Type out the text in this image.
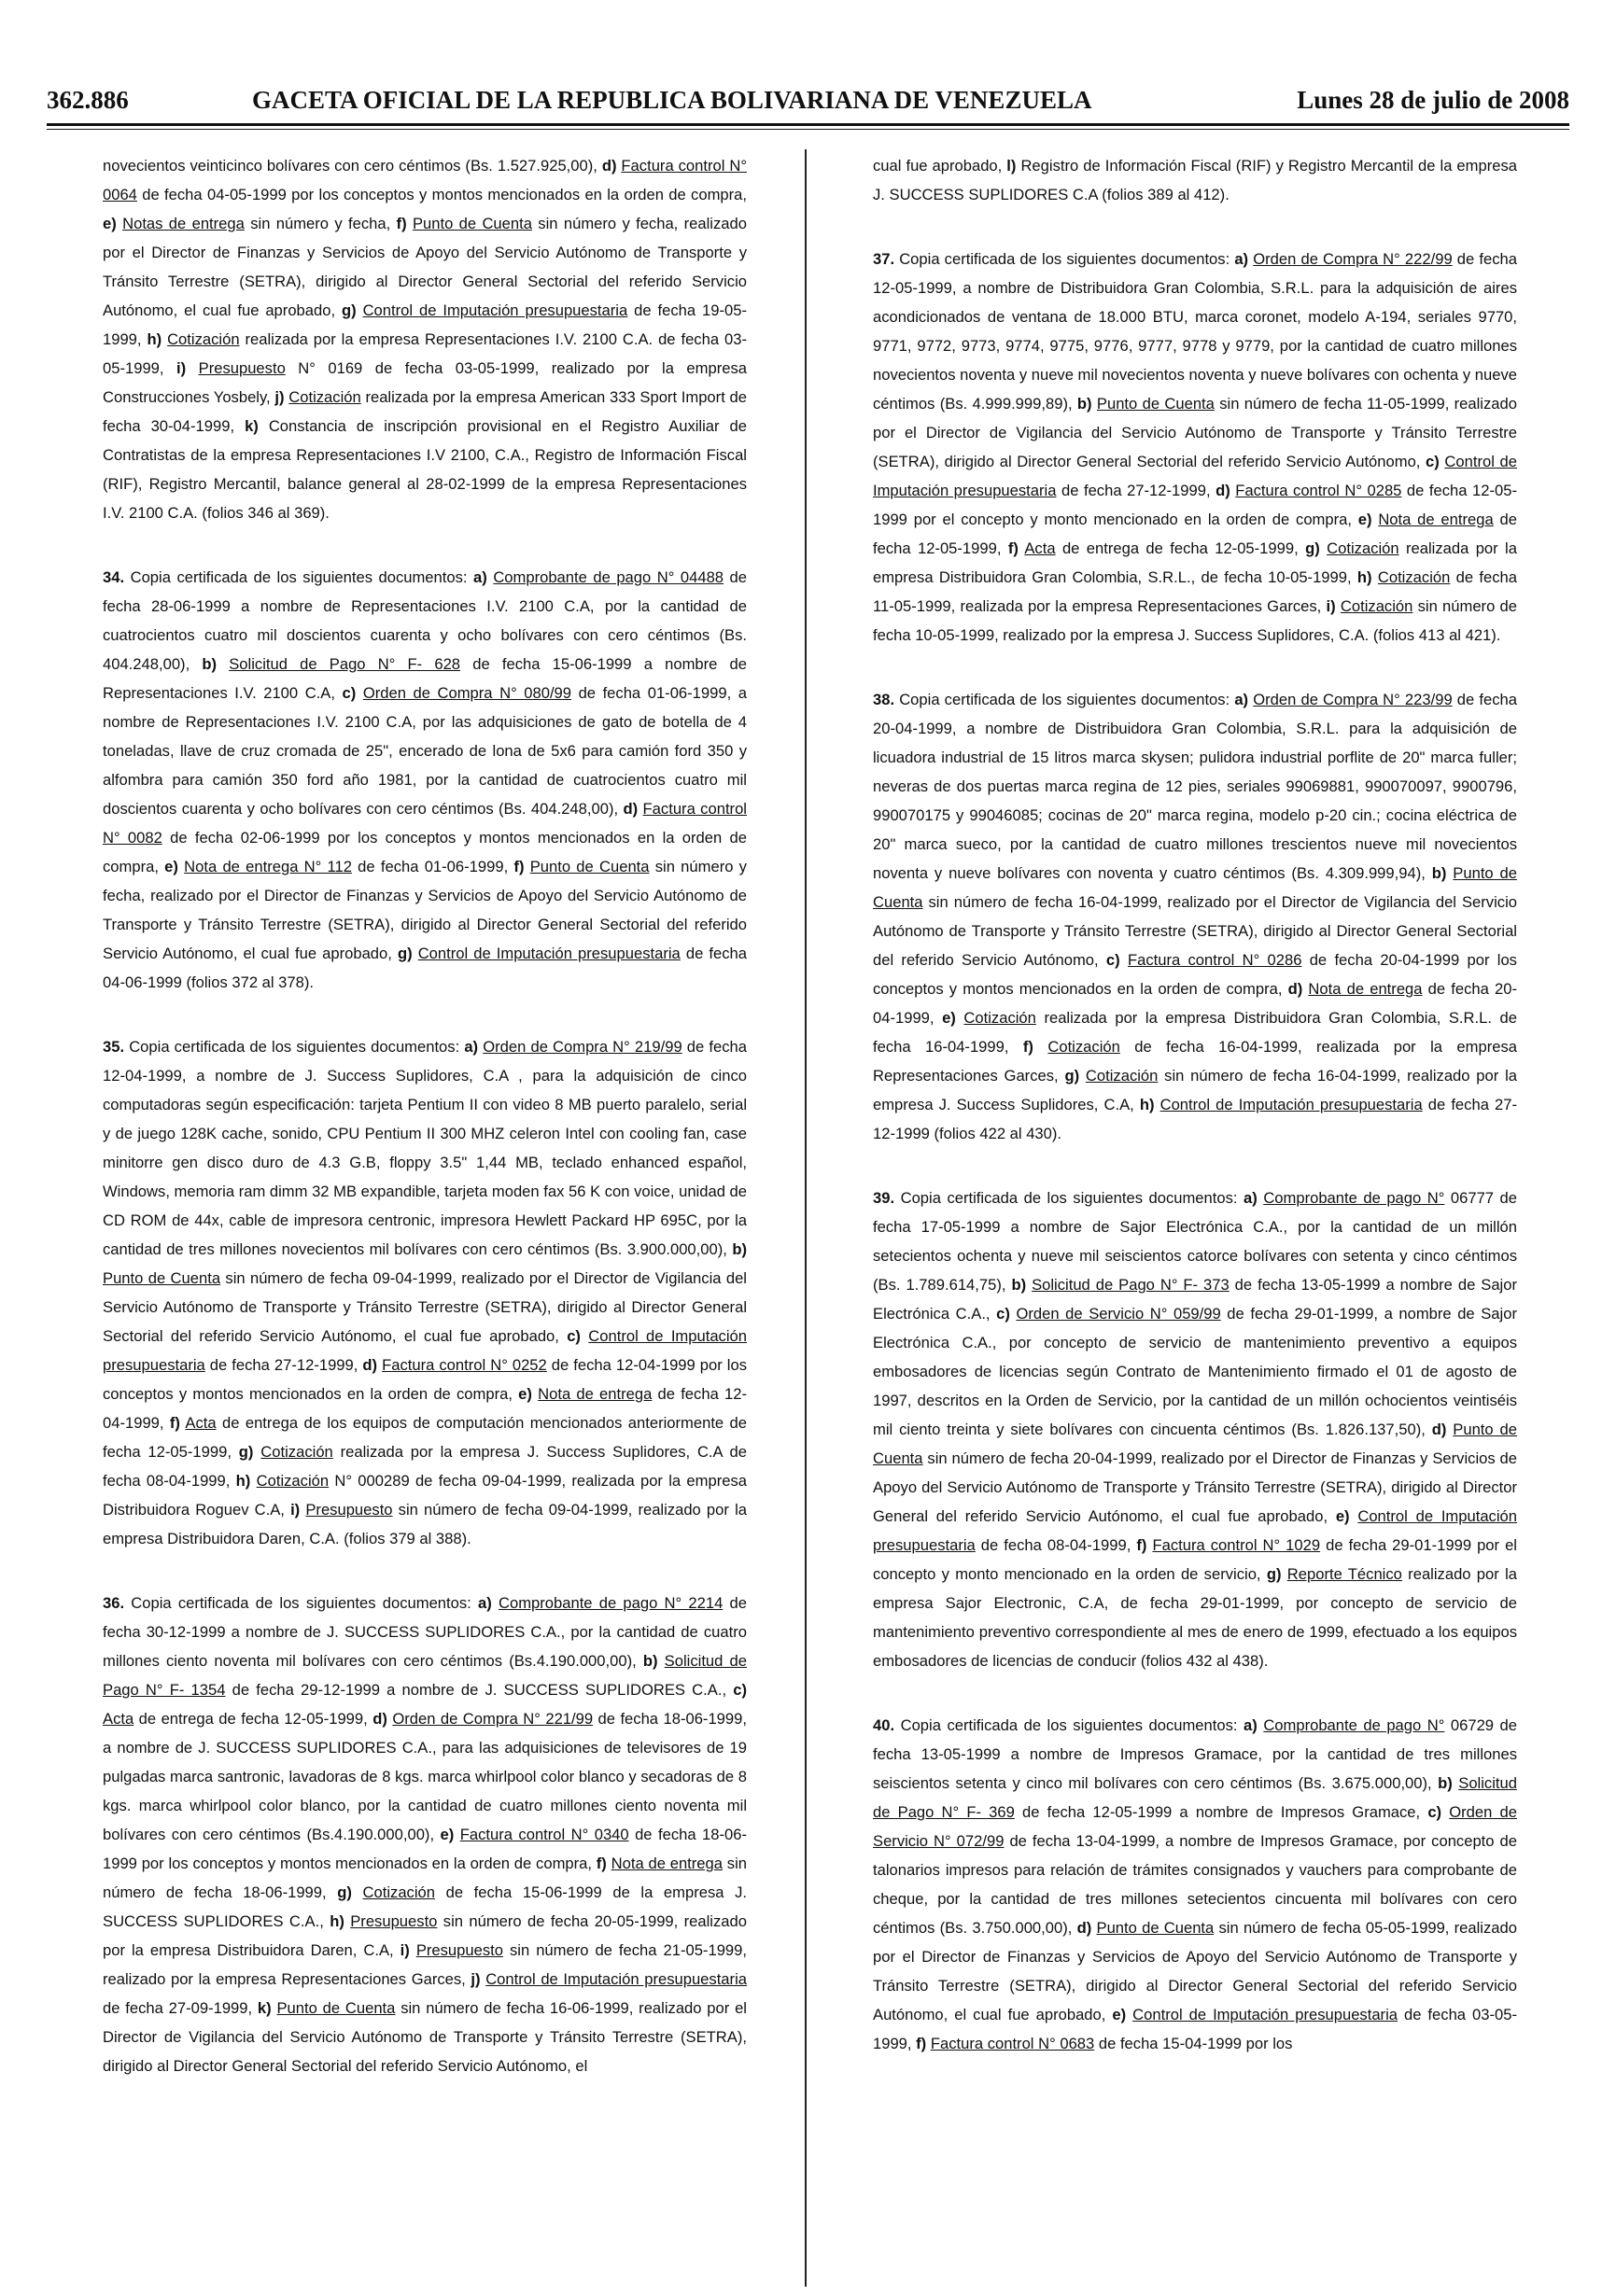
362.886	GACETA OFICIAL DE LA REPUBLICA BOLIVARIANA DE VENEZUELA	Lunes 28 de julio de 2008

novecientos veinticinco bolívares con cero céntimos (Bs. 1.527.925,00), d) Factura control N° 0064 de fecha 04-05-1999 por los conceptos y montos mencionados en la orden de compra, e) Notas de entrega sin número y fecha, f) Punto de Cuenta sin número y fecha, realizado por el Director de Finanzas y Servicios de Apoyo del Servicio Autónomo de Transporte y Tránsito Terrestre (SETRA), dirigido al Director General Sectorial del referido Servicio Autónomo, el cual fue aprobado, g) Control de Imputación presupuestaria de fecha 19-05-1999, h) Cotización realizada por la empresa Representaciones I.V. 2100 C.A. de fecha 03-05-1999, i) Presupuesto N° 0169 de fecha 03-05-1999, realizado por la empresa Construcciones Yosbely, j) Cotización realizada por la empresa American 333 Sport Import de fecha 30-04-1999, k) Constancia de inscripción provisional en el Registro Auxiliar de Contratistas de la empresa Representaciones I.V 2100, C.A., Registro de Información Fiscal (RIF), Registro Mercantil, balance general al 28-02-1999 de la empresa Representaciones I.V. 2100 C.A. (folios 346 al 369).

34. Copia certificada de los siguientes documentos: a) Comprobante de pago N° 04488 de fecha 28-06-1999 a nombre de Representaciones I.V. 2100 C.A, por la cantidad de cuatrocientos cuatro mil doscientos cuarenta y ocho bolívares con cero céntimos (Bs. 404.248,00), b) Solicitud de Pago N° F- 628 de fecha 15-06-1999 a nombre de Representaciones I.V. 2100 C.A, c) Orden de Compra N° 080/99 de fecha 01-06-1999, a nombre de Representaciones I.V. 2100 C.A, por las adquisiciones de gato de botella de 4 toneladas, llave de cruz cromada de 25", encerado de lona de 5x6 para camión ford 350 y alfombra para camión 350 ford año 1981, por la cantidad de cuatrocientos cuatro mil doscientos cuarenta y ocho bolívares con cero céntimos (Bs. 404.248,00), d) Factura control N° 0082 de fecha 02-06-1999 por los conceptos y montos mencionados en la orden de compra, e) Nota de entrega N° 112 de fecha 01-06-1999, f) Punto de Cuenta sin número y fecha, realizado por el Director de Finanzas y Servicios de Apoyo del Servicio Autónomo de Transporte y Tránsito Terrestre (SETRA), dirigido al Director General Sectorial del referido Servicio Autónomo, el cual fue aprobado, g) Control de Imputación presupuestaria de fecha 04-06-1999 (folios 372 al 378).

35. Copia certificada de los siguientes documentos: a) Orden de Compra N° 219/99 de fecha 12-04-1999, a nombre de J. Success Suplidores, C.A , para la adquisición de cinco computadoras según especificación: tarjeta Pentium II con video 8 MB puerto paralelo, serial y de juego 128K cache, sonido, CPU Pentium II 300 MHZ celeron Intel con cooling fan, case minitorre gen disco duro de 4.3 G.B, floppy 3.5" 1,44 MB, teclado enhanced español, Windows, memoria ram dimm 32 MB expandible, tarjeta moden fax 56 K con voice, unidad de CD ROM de 44x, cable de impresora centronic, impresora Hewlett Packard HP 695C, por la cantidad de tres millones novecientos mil bolívares con cero céntimos (Bs. 3.900.000,00), b) Punto de Cuenta sin número de fecha 09-04-1999, realizado por el Director de Vigilancia del Servicio Autónomo de Transporte y Tránsito Terrestre (SETRA), dirigido al Director General Sectorial del referido Servicio Autónomo, el cual fue aprobado, c) Control de Imputación presupuestaria de fecha 27-12-1999, d) Factura control N° 0252 de fecha 12-04-1999 por los conceptos y montos mencionados en la orden de compra, e) Nota de entrega de fecha 12-04-1999, f) Acta de entrega de los equipos de computación mencionados anteriormente de fecha 12-05-1999, g) Cotización realizada por la empresa J. Success Suplidores, C.A de fecha 08-04-1999, h) Cotización N° 000289 de fecha 09-04-1999, realizada por la empresa Distribuidora Roguev C.A, i) Presupuesto sin número de fecha 09-04-1999, realizado por la empresa Distribuidora Daren, C.A. (folios 379 al 388).

36. Copia certificada de los siguientes documentos: a) Comprobante de pago N° 2214 de fecha 30-12-1999 a nombre de J. SUCCESS SUPLIDORES C.A., por la cantidad de cuatro millones ciento noventa mil bolívares con cero céntimos (Bs.4.190.000,00), b) Solicitud de Pago N° F- 1354 de fecha 29-12-1999 a nombre de J. SUCCESS SUPLIDORES C.A., c) Acta de entrega de fecha 12-05-1999, d) Orden de Compra N° 221/99 de fecha 18-06-1999, a nombre de J. SUCCESS SUPLIDORES C.A., para las adquisiciones de televisores de 19 pulgadas marca santronic, lavadoras de 8 kgs. marca whirlpool color blanco y secadoras de 8 kgs. marca whirlpool color blanco, por la cantidad de cuatro millones ciento noventa mil bolívares con cero céntimos (Bs.4.190.000,00), e) Factura control N° 0340 de fecha 18-06-1999 por los conceptos y montos mencionados en la orden de compra, f) Nota de entrega sin número de fecha 18-06-1999, g) Cotización de fecha 15-06-1999 de la empresa J. SUCCESS SUPLIDORES C.A., h) Presupuesto sin número de fecha 20-05-1999, realizado por la empresa Distribuidora Daren, C.A, i) Presupuesto sin número de fecha 21-05-1999, realizado por la empresa Representaciones Garces, j) Control de Imputación presupuestaria de fecha 27-09-1999, k) Punto de Cuenta sin número de fecha 16-06-1999, realizado por el Director de Vigilancia del Servicio Autónomo de Transporte y Tránsito Terrestre (SETRA), dirigido al Director General Sectorial del referido Servicio Autónomo, el

cual fue aprobado, l) Registro de Información Fiscal (RIF) y Registro Mercantil de la empresa J. SUCCESS SUPLIDORES C.A (folios 389 al 412).

37. Copia certificada de los siguientes documentos: a) Orden de Compra N° 222/99 de fecha 12-05-1999, a nombre de Distribuidora Gran Colombia, S.R.L. para la adquisición de aires acondicionados de ventana de 18.000 BTU, marca coronet, modelo A-194, seriales 9770, 9771, 9772, 9773, 9774, 9775, 9776, 9777, 9778 y 9779, por la cantidad de cuatro millones novecientos noventa y nueve mil novecientos noventa y nueve bolívares con ochenta y nueve céntimos (Bs. 4.999.999,89), b) Punto de Cuenta sin número de fecha 11-05-1999, realizado por el Director de Vigilancia del Servicio Autónomo de Transporte y Tránsito Terrestre (SETRA), dirigido al Director General Sectorial del referido Servicio Autónomo, c) Control de Imputación presupuestaria de fecha 27-12-1999, d) Factura control N° 0285 de fecha 12-05-1999 por el concepto y monto mencionado en la orden de compra, e) Nota de entrega de fecha 12-05-1999, f) Acta de entrega de fecha 12-05-1999, g) Cotización realizada por la empresa Distribuidora Gran Colombia, S.R.L., de fecha 10-05-1999, h) Cotización de fecha 11-05-1999, realizada por la empresa Representaciones Garces, i) Cotización sin número de fecha 10-05-1999, realizado por la empresa J. Success Suplidores, C.A. (folios 413 al 421).

38. Copia certificada de los siguientes documentos: a) Orden de Compra N° 223/99 de fecha 20-04-1999, a nombre de Distribuidora Gran Colombia, S.R.L. para la adquisición de licuadora industrial de 15 litros marca skysen; pulidora industrial porflite de 20" marca fuller; neveras de dos puertas marca regina de 12 pies, seriales 99069881, 990070097, 9900796, 990070175 y 99046085; cocinas de 20" marca regina, modelo p-20 cin.; cocina eléctrica de 20" marca sueco, por la cantidad de cuatro millones trescientos nueve mil novecientos noventa y nueve bolívares con noventa y cuatro céntimos (Bs. 4.309.999,94), b) Punto de Cuenta sin número de fecha 16-04-1999, realizado por el Director de Vigilancia del Servicio Autónomo de Transporte y Tránsito Terrestre (SETRA), dirigido al Director General Sectorial del referido Servicio Autónomo, c) Factura control N° 0286 de fecha 20-04-1999 por los conceptos y montos mencionados en la orden de compra, d) Nota de entrega de fecha 20-04-1999, e) Cotización realizada por la empresa Distribuidora Gran Colombia, S.R.L. de fecha 16-04-1999, f) Cotización de fecha 16-04-1999, realizada por la empresa Representaciones Garces, g) Cotización sin número de fecha 16-04-1999, realizado por la empresa J. Success Suplidores, C.A, h) Control de Imputación presupuestaria de fecha 27-12-1999 (folios 422 al 430).

39. Copia certificada de los siguientes documentos: a) Comprobante de pago N° 06777 de fecha 17-05-1999 a nombre de Sajor Electrónica C.A., por la cantidad de un millón setecientos ochenta y nueve mil seiscientos catorce bolívares con setenta y cinco céntimos (Bs. 1.789.614,75), b) Solicitud de Pago N° F- 373 de fecha 13-05-1999 a nombre de Sajor Electrónica C.A., c) Orden de Servicio N° 059/99 de fecha 29-01-1999, a nombre de Sajor Electrónica C.A., por concepto de servicio de mantenimiento preventivo a equipos embosadores de licencias según Contrato de Mantenimiento firmado el 01 de agosto de 1997, descritos en la Orden de Servicio, por la cantidad de un millón ochocientos veintiséis mil ciento treinta y siete bolívares con cincuenta céntimos (Bs. 1.826.137,50), d) Punto de Cuenta sin número de fecha 20-04-1999, realizado por el Director de Finanzas y Servicios de Apoyo del Servicio Autónomo de Transporte y Tránsito Terrestre (SETRA), dirigido al Director General del referido Servicio Autónomo, el cual fue aprobado, e) Control de Imputación presupuestaria de fecha 08-04-1999, f) Factura control N° 1029 de fecha 29-01-1999 por el concepto y monto mencionado en la orden de servicio, g) Reporte Técnico realizado por la empresa Sajor Electronic, C.A, de fecha 29-01-1999, por concepto de servicio de mantenimiento preventivo correspondiente al mes de enero de 1999, efectuado a los equipos embosadores de licencias de conducir (folios 432 al 438).

40. Copia certificada de los siguientes documentos: a) Comprobante de pago N° 06729 de fecha 13-05-1999 a nombre de Impresos Gramace, por la cantidad de tres millones seiscientos setenta y cinco mil bolívares con cero céntimos (Bs. 3.675.000,00), b) Solicitud de Pago N° F- 369 de fecha 12-05-1999 a nombre de Impresos Gramace, c) Orden de Servicio N° 072/99 de fecha 13-04-1999, a nombre de Impresos Gramace, por concepto de talonarios impresos para relación de trámites consignados y vauchers para comprobante de cheque, por la cantidad de tres millones setecientos cincuenta mil bolívares con cero céntimos (Bs. 3.750.000,00), d) Punto de Cuenta sin número de fecha 05-05-1999, realizado por el Director de Finanzas y Servicios de Apoyo del Servicio Autónomo de Transporte y Tránsito Terrestre (SETRA), dirigido al Director General Sectorial del referido Servicio Autónomo, el cual fue aprobado, e) Control de Imputación presupuestaria de fecha 03-05-1999, f) Factura control N° 0683 de fecha 15-04-1999 por los
